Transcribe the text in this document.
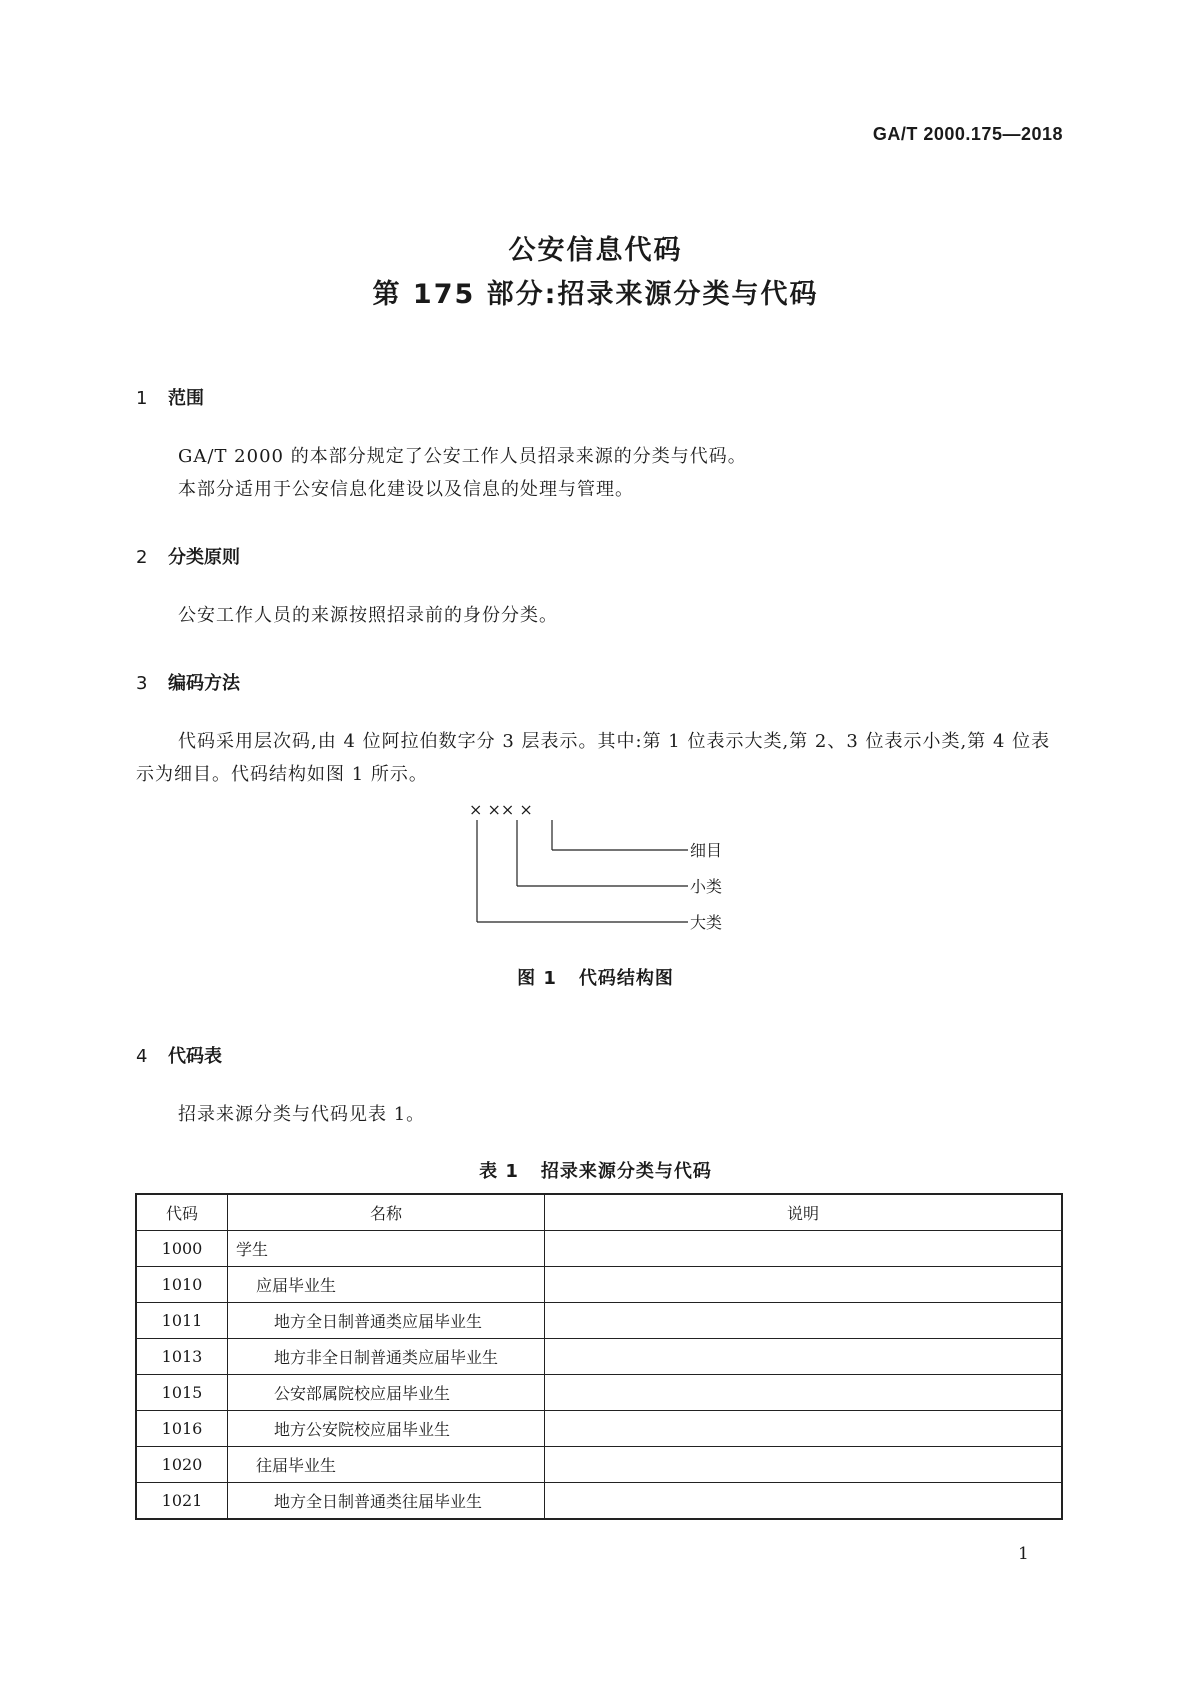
GA/T 2000.175—2018
公安信息代码
第 175 部分:招录来源分类与代码
1 范围
GA/T 2000 的本部分规定了公安工作人员招录来源的分类与代码。
本部分适用于公安信息化建设以及信息的处理与管理。
2 分类原则
公安工作人员的来源按照招录前的身份分类。
3 编码方法
代码采用层次码,由 4 位阿拉伯数字分 3 层表示。其中:第 1 位表示大类,第 2、3 位表示小类,第 4 位表示为细目。代码结构如图 1 所示。
× ×× ×
细目
小类
大类
图 1 代码结构图
4 代码表
招录来源分类与代码见表 1。
表 1 招录来源分类与代码
代码	名称	说明
1000	学生	
1010	应届毕业生	
1011	地方全日制普通类应届毕业生	
1013	地方非全日制普通类应届毕业生	
1015	公安部属院校应届毕业生	
1016	地方公安院校应届毕业生	
1020	往届毕业生	
1021	地方全日制普通类往届毕业生	
1
